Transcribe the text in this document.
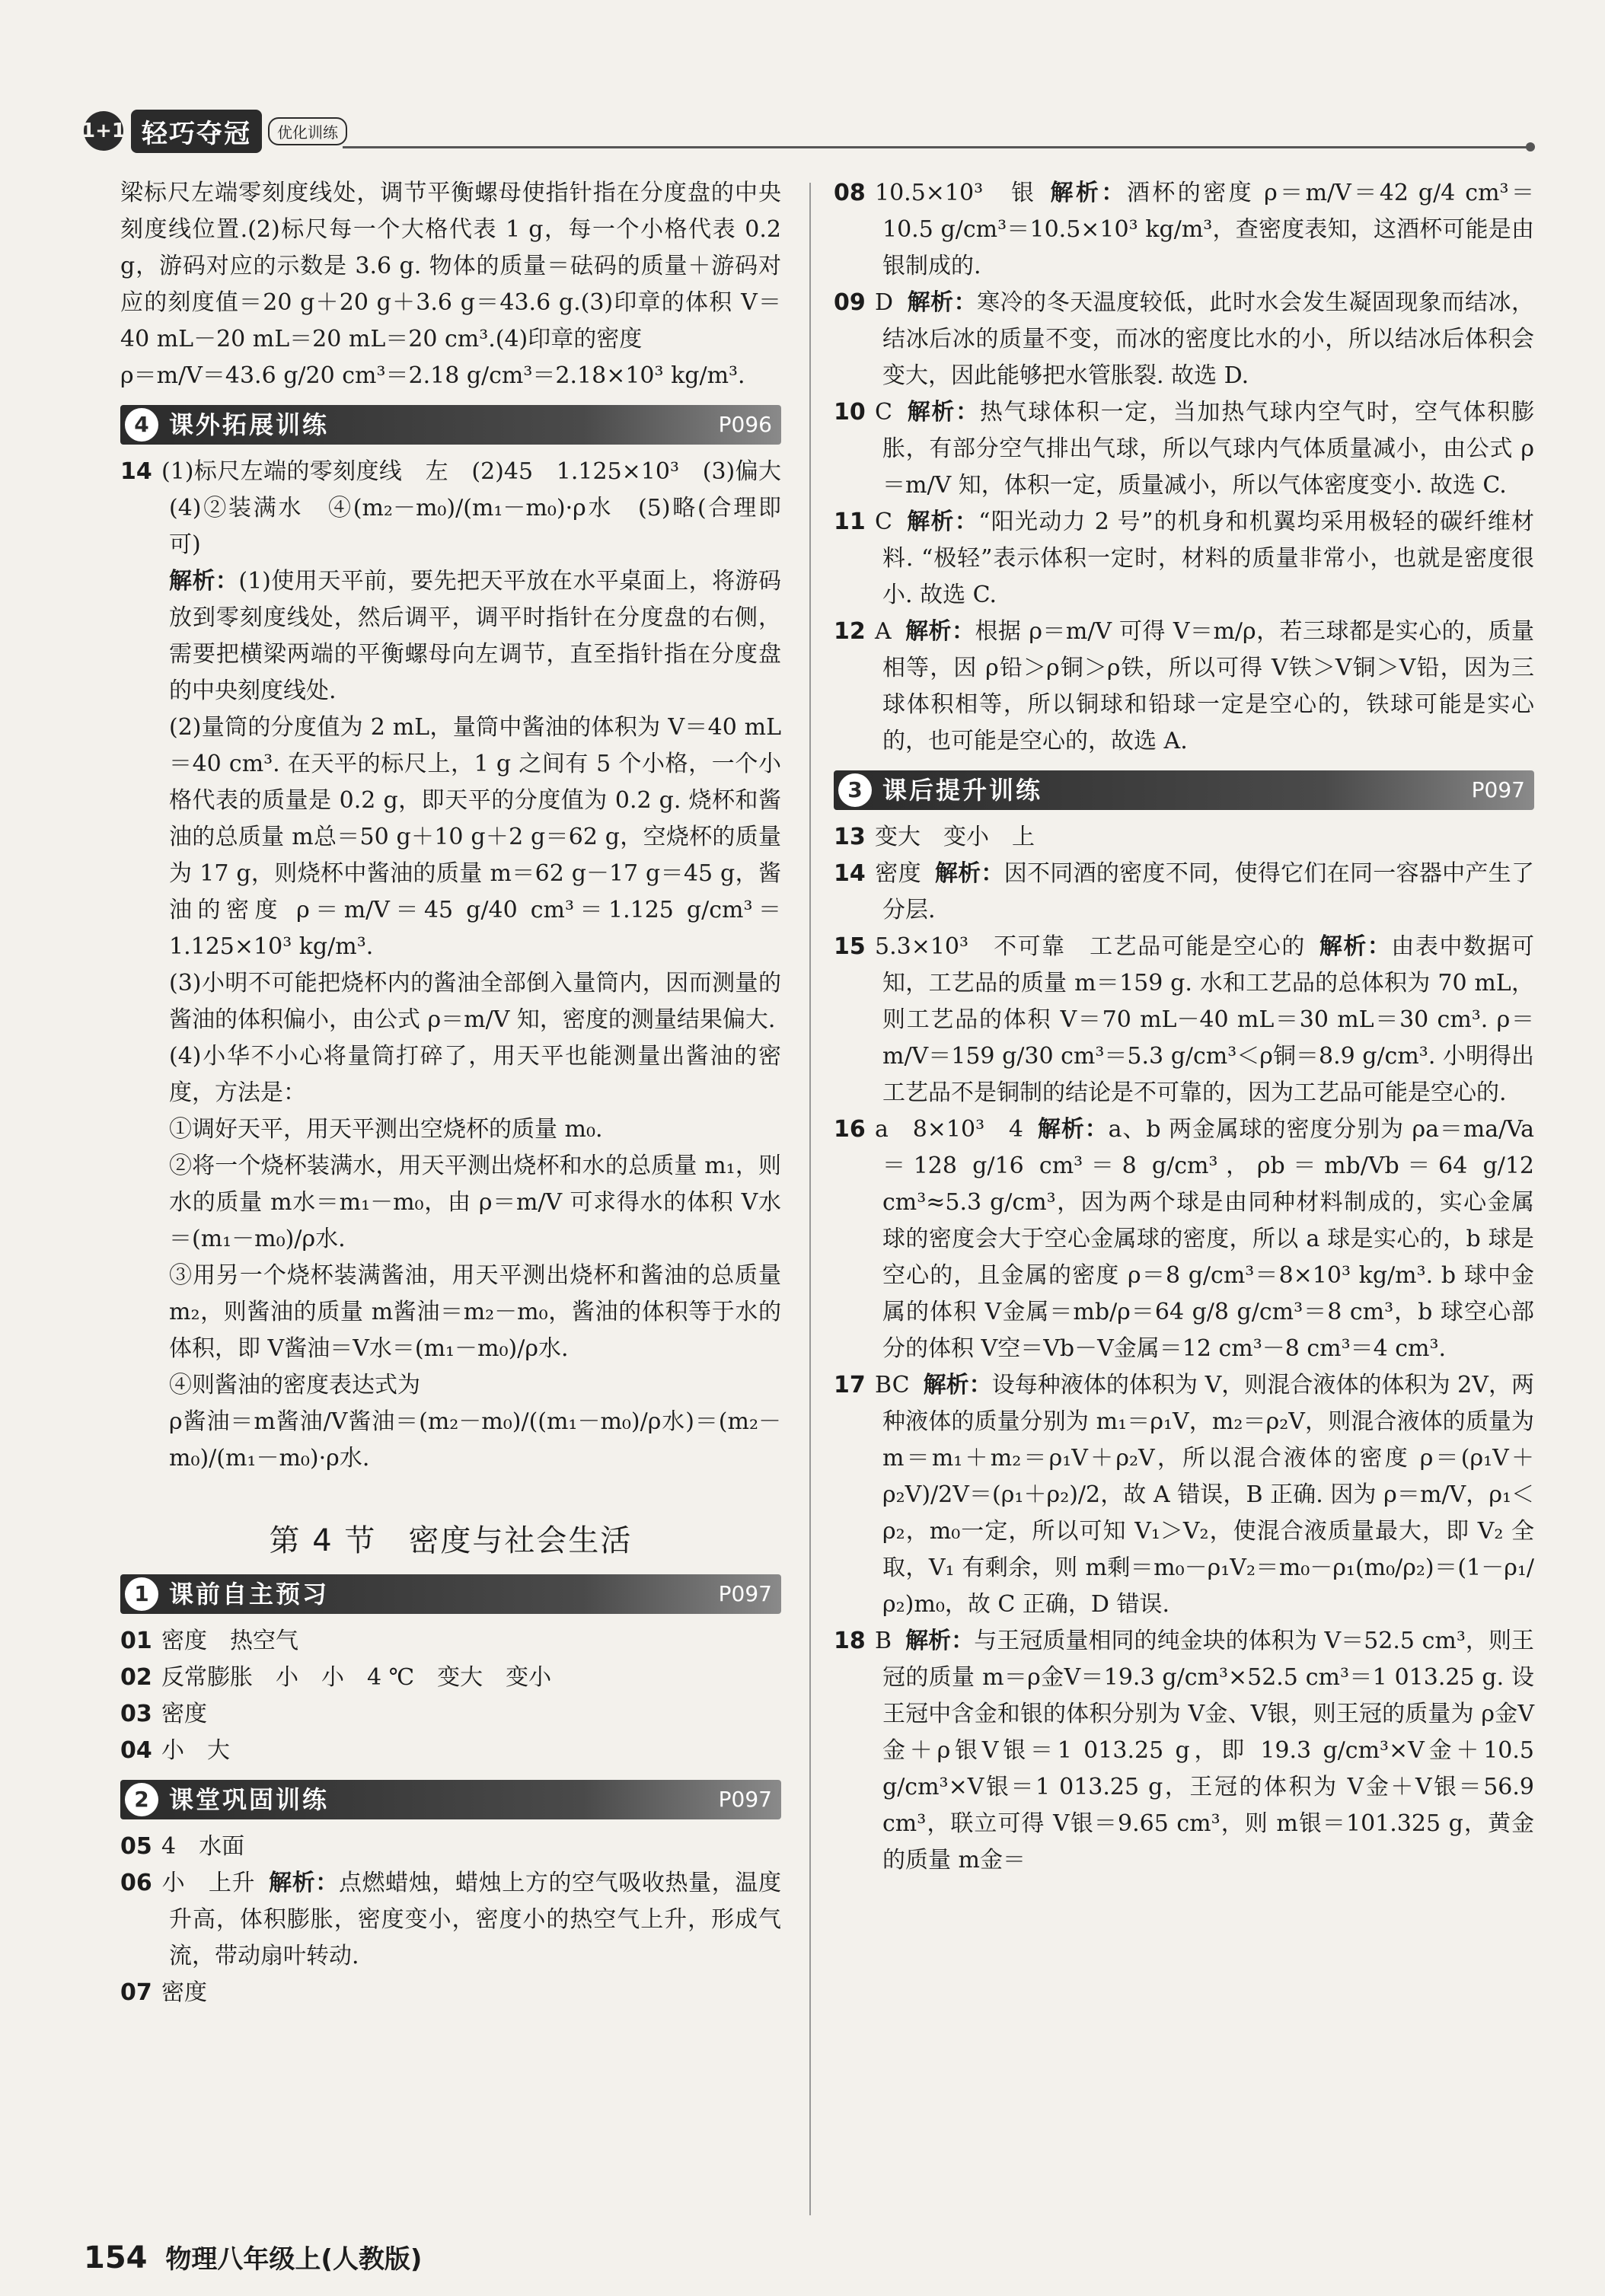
1+1 轻巧夺冠	优化训练

梁标尺左端零刻度线处，调节平衡螺母使指针指在分度盘的中央刻度线位置.(2)标尺每一个大格代表 1 g，每一个小格代表 0.2 g，游码对应的示数是 3.6 g. 物体的质量＝砝码的质量＋游码对应的刻度值＝20 g＋20 g＋3.6 g＝43.6 g.(3)印章的体积 V＝40 mL－20 mL＝20 mL＝20 cm³.(4)印章的密度

ρ＝m/V＝43.6 g/20 cm³＝2.18 g/cm³＝2.18×10³ kg/m³.

4 课外拓展训练	P096

14 (1)标尺左端的零刻度线　左　(2)45　1.125×10³　(3)偏大　(4)②装满水　④(m₂－m₀)/(m₁－m₀)·ρ水　(5)略(合理即可)

解析：(1)使用天平前，要先把天平放在水平桌面上，将游码放到零刻度线处，然后调平，调平时指针在分度盘的右侧，需要把横梁两端的平衡螺母向左调节，直至指针指在分度盘的中央刻度线处.

(2)量筒的分度值为 2 mL，量筒中酱油的体积为 V＝40 mL＝40 cm³. 在天平的标尺上，1 g 之间有 5 个小格，一个小格代表的质量是 0.2 g，即天平的分度值为 0.2 g. 烧杯和酱油的总质量 m总＝50 g＋10 g＋2 g＝62 g，空烧杯的质量为 17 g，则烧杯中酱油的质量 m＝62 g－17 g＝45 g，酱油的密度 ρ＝m/V＝45 g/40 cm³＝1.125 g/cm³＝1.125×10³ kg/m³.

(3)小明不可能把烧杯内的酱油全部倒入量筒内，因而测量的酱油的体积偏小，由公式 ρ＝m/V 知，密度的测量结果偏大.

(4)小华不小心将量筒打碎了，用天平也能测量出酱油的密度，方法是：

①调好天平，用天平测出空烧杯的质量 m₀.

②将一个烧杯装满水，用天平测出烧杯和水的总质量 m₁，则水的质量 m水＝m₁－m₀，由 ρ＝m/V 可求得水的体积 V水＝(m₁－m₀)/ρ水.

③用另一个烧杯装满酱油，用天平测出烧杯和酱油的总质量 m₂，则酱油的质量 m酱油＝m₂－m₀，酱油的体积等于水的体积，即 V酱油＝V水＝(m₁－m₀)/ρ水.

④则酱油的密度表达式为

ρ酱油＝m酱油/V酱油＝(m₂－m₀)/((m₁－m₀)/ρ水)＝(m₂－m₀)/(m₁－m₀)·ρ水.

第 4 节　密度与社会生活
1 课前自主预习	P097

01 密度　热空气

02 反常膨胀　小　小　4 ℃　变大　变小

03 密度

04 小　大

2 课堂巩固训练	P097

05 4　水面

06 小　上升 解析：点燃蜡烛，蜡烛上方的空气吸收热量，温度升高，体积膨胀，密度变小，密度小的热空气上升，形成气流，带动扇叶转动.

07 密度

08 10.5×10³　银 解析：酒杯的密度 ρ＝m/V＝42 g/4 cm³＝10.5 g/cm³＝10.5×10³ kg/m³，查密度表知，这酒杯可能是由银制成的.

09 D 解析：寒冷的冬天温度较低，此时水会发生凝固现象而结冰，结冰后冰的质量不变，而冰的密度比水的小，所以结冰后体积会变大，因此能够把水管胀裂. 故选 D.

10 C 解析：热气球体积一定，当加热气球内空气时，空气体积膨胀，有部分空气排出气球，所以气球内气体质量减小，由公式 ρ＝m/V 知，体积一定，质量减小，所以气体密度变小. 故选 C.

11 C 解析：“阳光动力 2 号”的机身和机翼均采用极轻的碳纤维材料. “极轻”表示体积一定时，材料的质量非常小，也就是密度很小. 故选 C.

12 A 解析：根据 ρ＝m/V 可得 V＝m/ρ，若三球都是实心的，质量相等，因 ρ铅＞ρ铜＞ρ铁，所以可得 V铁＞V铜＞V铅，因为三球体积相等，所以铜球和铅球一定是空心的，铁球可能是实心的，也可能是空心的，故选 A.

3 课后提升训练	P097

13 变大　变小　上

14 密度 解析：因不同酒的密度不同，使得它们在同一容器中产生了分层.

15 5.3×10³　不可靠　工艺品可能是空心的 解析：由表中数据可知，工艺品的质量 m＝159 g. 水和工艺品的总体积为 70 mL，则工艺品的体积 V＝70 mL－40 mL＝30 mL＝30 cm³. ρ＝m/V＝159 g/30 cm³＝5.3 g/cm³＜ρ铜＝8.9 g/cm³. 小明得出工艺品不是铜制的结论是不可靠的，因为工艺品可能是空心的.

16 a　8×10³　4 解析：a、b 两金属球的密度分别为 ρa＝ma/Va＝128 g/16 cm³＝8 g/cm³，ρb＝mb/Vb＝64 g/12 cm³≈5.3 g/cm³，因为两个球是由同种材料制成的，实心金属球的密度会大于空心金属球的密度，所以 a 球是实心的，b 球是空心的，且金属的密度 ρ＝8 g/cm³＝8×10³ kg/m³. b 球中金属的体积 V金属＝mb/ρ＝64 g/8 g/cm³＝8 cm³，b 球空心部分的体积 V空＝Vb－V金属＝12 cm³－8 cm³＝4 cm³.

17 BC 解析：设每种液体的体积为 V，则混合液体的体积为 2V，两种液体的质量分别为 m₁＝ρ₁V，m₂＝ρ₂V，则混合液体的质量为 m＝m₁＋m₂＝ρ₁V＋ρ₂V，所以混合液体的密度 ρ＝(ρ₁V＋ρ₂V)/2V＝(ρ₁＋ρ₂)/2，故 A 错误，B 正确. 因为 ρ＝m/V，ρ₁＜ρ₂，m₀一定，所以可知 V₁＞V₂，使混合液质量最大，即 V₂ 全取，V₁ 有剩余，则 m剩＝m₀－ρ₁V₂＝m₀－ρ₁(m₀/ρ₂)＝(1－ρ₁/ρ₂)m₀，故 C 正确，D 错误.

18 B 解析：与王冠质量相同的纯金块的体积为 V＝52.5 cm³，则王冠的质量 m＝ρ金V＝19.3 g/cm³×52.5 cm³＝1 013.25 g. 设王冠中含金和银的体积分别为 V金、V银，则王冠的质量为 ρ金V金＋ρ银V银＝1 013.25 g，即 19.3 g/cm³×V金＋10.5 g/cm³×V银＝1 013.25 g，王冠的体积为 V金＋V银＝56.9 cm³，联立可得 V银＝9.65 cm³，则 m银＝101.325 g，黄金的质量 m金＝

154 物理八年级上(人教版)
